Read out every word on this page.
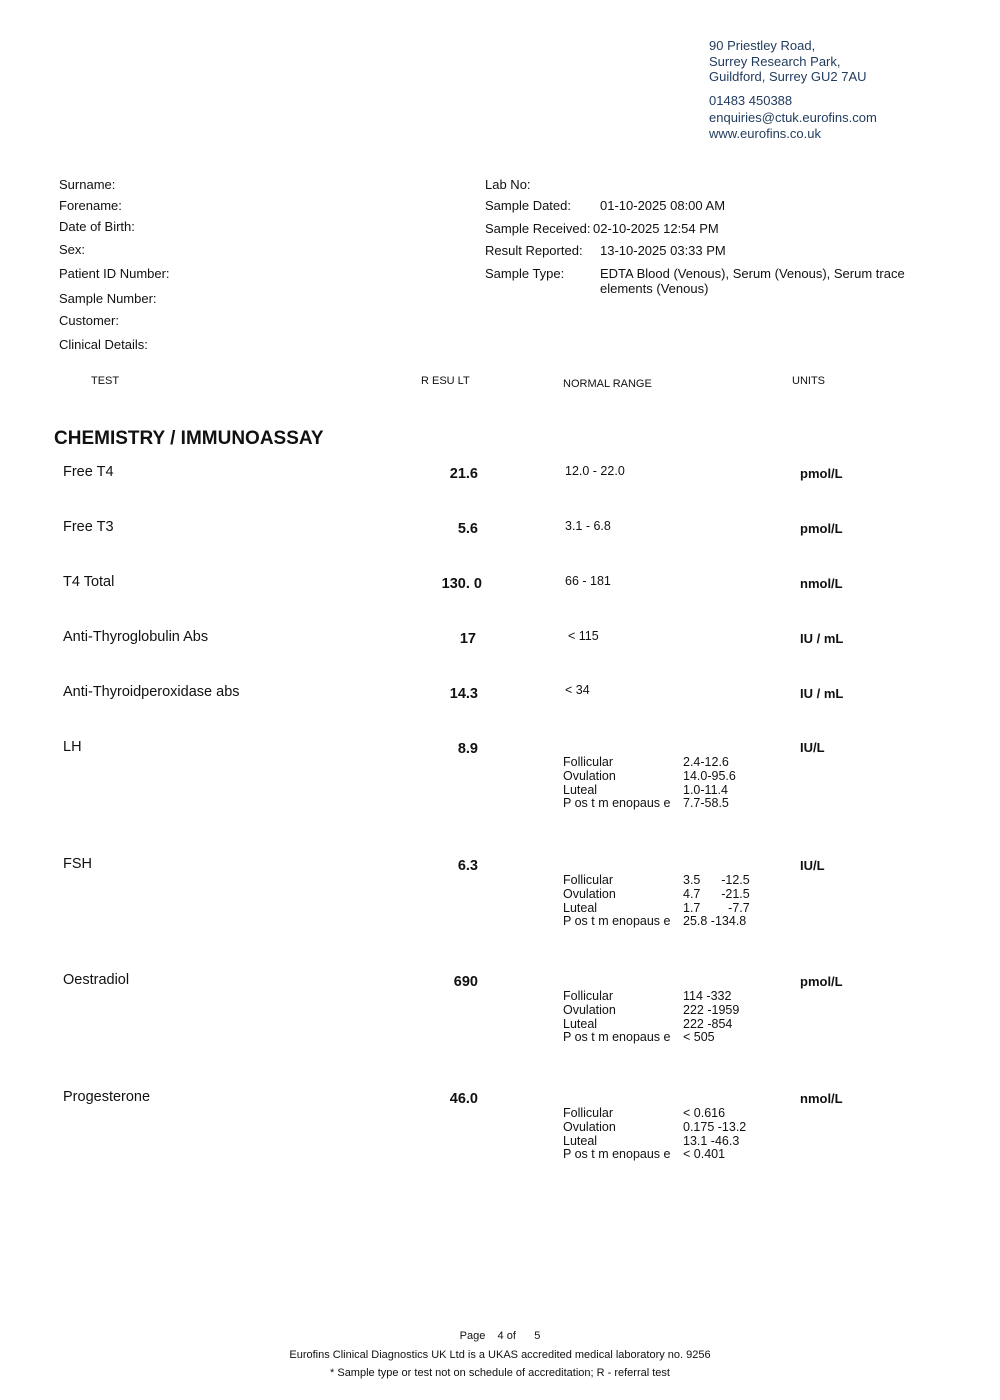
90 Priestley Road,
Surrey Research Park,
Guildford, Surrey GU2 7AU
01483 450388
enquiries@ctuk.eurofins.com
www.eurofins.co.uk
Surname:
Forename:
Date of Birth:
Sex:
Patient ID Number:
Sample Number:
Customer:
Clinical Details:
Lab No:
Sample Dated: 01-10-2025 08:00 AM
Sample Received: 02-10-2025 12:54 PM
Result Reported: 13-10-2025 03:33 PM
Sample Type:	EDTA Blood (Venous), Serum (Venous), Serum trace
elements (Venous)
TEST	R ESU LT	NORMAL RANGE	UNITS
CHEMISTRY / IMMUNOASSAY
Free T4	21.6	12.0 - 22.0	pmol/L
Free T3	5.6	3.1 - 6.8	pmol/L
T4 Total	130. 0	66 - 181	nmol/L
Anti-Thyroglobulin Abs	17	< 115	IU / mL
Anti-Thyroidperoxidase abs	14.3	< 34	IU / mL
LH	8.9	IU/L
Follicular	2.4-12.6
Ovulation	14.0-95.6
Luteal	1.0-11.4
P os t m enopaus e	7.7-58.5
FSH	6.3	IU/L
Follicular	3.5      -12.5
Ovulation	4.7      -21.5
Luteal	1.7        -7.7
P os t m enopaus e	25.8 -134.8
Oestradiol	690	pmol/L
Follicular	114 -332
Ovulation	222 -1959
Luteal	222 -854
P os t m enopaus e	< 505
Progesterone	46.0	nmol/L
Follicular	< 0.616
Ovulation	0.175 -13.2
Luteal	13.1 -46.3
P os t m enopaus e	< 0.401
Page    4 of      5
Eurofins Clinical Diagnostics UK Ltd is a UKAS accredited medical laboratory no. 9256
* Sample type or test not on schedule of accreditation; R - referral test
